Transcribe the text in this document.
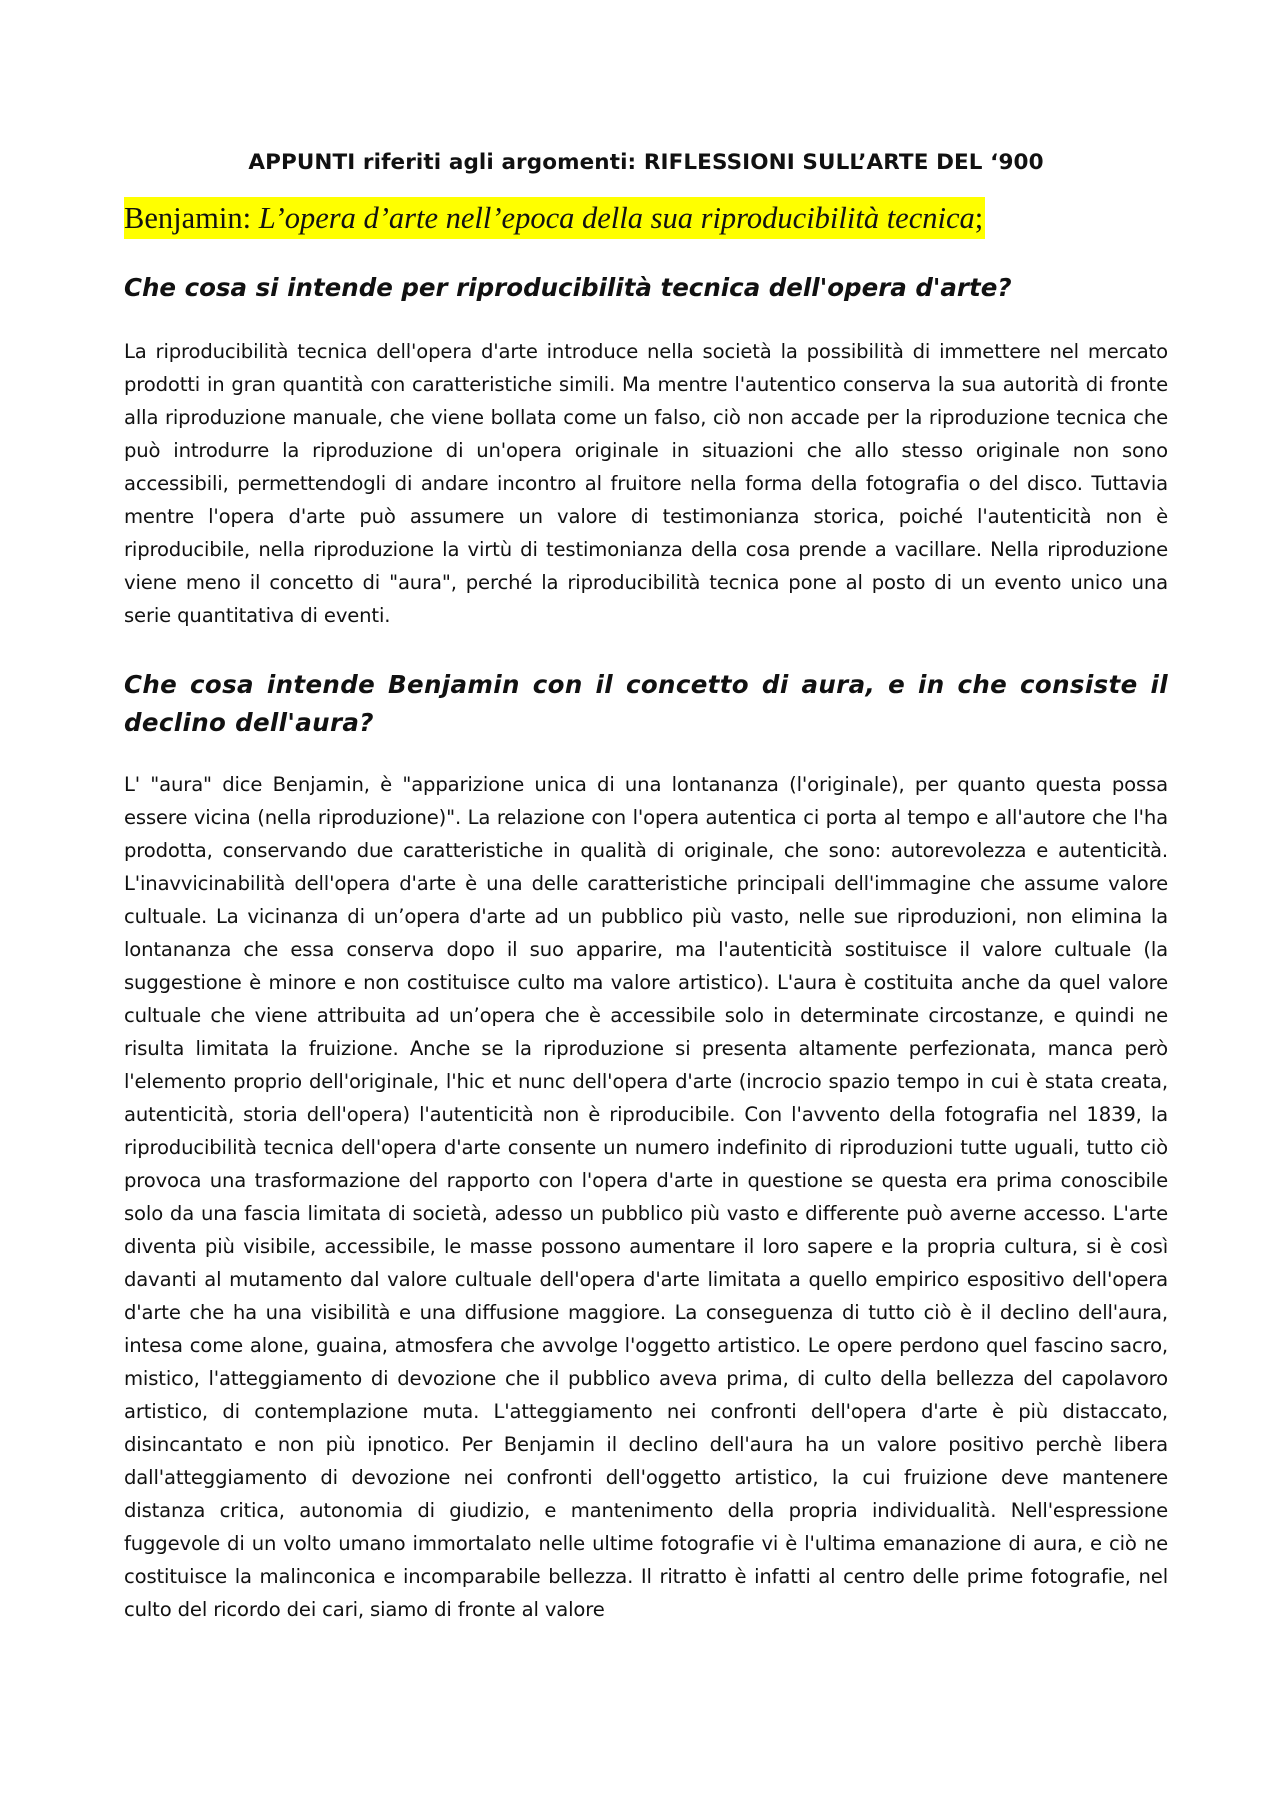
APPUNTI riferiti agli argomenti: RIFLESSIONI SULL’ARTE DEL ‘900
Benjamin: L’opera d’arte nell’epoca della sua riproducibilità tecnica;
Che cosa si intende per riproducibilità tecnica dell'opera d'arte?

La riproducibilità tecnica dell'opera d'arte introduce nella società la possibilità di immettere nel mercato prodotti in gran quantità con caratteristiche simili. Ma mentre l'autentico conserva la sua autorità di fronte alla riproduzione manuale, che viene bollata come un falso, ciò non accade per la riproduzione tecnica che può introdurre la riproduzione di un'opera originale in situazioni che allo stesso originale non sono accessibili, permettendogli di andare incontro al fruitore nella forma della fotografia o del disco. Tuttavia mentre l'opera d'arte può assumere un valore di testimonianza storica, poiché l'autenticità non è riproducibile, nella riproduzione la virtù di testimonianza della cosa prende a vacillare. Nella riproduzione viene meno il concetto di "aura", perché la riproducibilità tecnica pone al posto di un evento unico una serie quantitativa di eventi.

Che cosa intende Benjamin con il concetto di aura, e in che consiste il declino dell'aura?

L' "aura" dice Benjamin, è "apparizione unica di una lontananza (l'originale), per quanto questa possa essere vicina (nella riproduzione)". La relazione con l'opera autentica ci porta al tempo e all'autore che l'ha prodotta, conservando due caratteristiche in qualità di originale, che sono: autorevolezza e autenticità. L'inavvicinabilità dell'opera d'arte è una delle caratteristiche principali dell'immagine che assume valore cultuale. La vicinanza di un’opera d'arte ad un pubblico più vasto, nelle sue riproduzioni, non elimina la lontananza che essa conserva dopo il suo apparire, ma l'autenticità sostituisce il valore cultuale (la suggestione è minore e non costituisce culto ma valore artistico). L'aura è costituita anche da quel valore cultuale che viene attribuita ad un’opera che è accessibile solo in determinate circostanze, e quindi ne risulta limitata la fruizione. Anche se la riproduzione si presenta altamente perfezionata, manca però l'elemento proprio dell'originale, l'hic et nunc dell'opera d'arte (incrocio spazio tempo in cui è stata creata, autenticità, storia dell'opera) l'autenticità non è riproducibile. Con l'avvento della fotografia nel 1839, la riproducibilità tecnica dell'opera d'arte consente un numero indefinito di riproduzioni tutte uguali, tutto ciò provoca una trasformazione del rapporto con l'opera d'arte in questione se questa era prima conoscibile solo da una fascia limitata di società, adesso un pubblico più vasto e differente può averne accesso. L'arte diventa più visibile, accessibile, le masse possono aumentare il loro sapere e la propria cultura, si è così davanti al mutamento dal valore cultuale dell'opera d'arte limitata a quello empirico espositivo dell'opera d'arte che ha una visibilità e una diffusione maggiore. La conseguenza di tutto ciò è il declino dell'aura, intesa come alone, guaina, atmosfera che avvolge l'oggetto artistico. Le opere perdono quel fascino sacro, mistico, l'atteggiamento di devozione che il pubblico aveva prima, di culto della bellezza del capolavoro artistico, di contemplazione muta. L'atteggiamento nei confronti dell'opera d'arte è più distaccato, disincantato e non più ipnotico. Per Benjamin il declino dell'aura ha un valore positivo perchè libera dall'atteggiamento di devozione nei confronti dell'oggetto artistico, la cui fruizione deve mantenere distanza critica, autonomia di giudizio, e mantenimento della propria individualità. Nell'espressione fuggevole di un volto umano immortalato nelle ultime fotografie vi è l'ultima emanazione di aura, e ciò ne costituisce la malinconica e incomparabile bellezza. Il ritratto è infatti al centro delle prime fotografie, nel culto del ricordo dei cari, siamo di fronte al valore
